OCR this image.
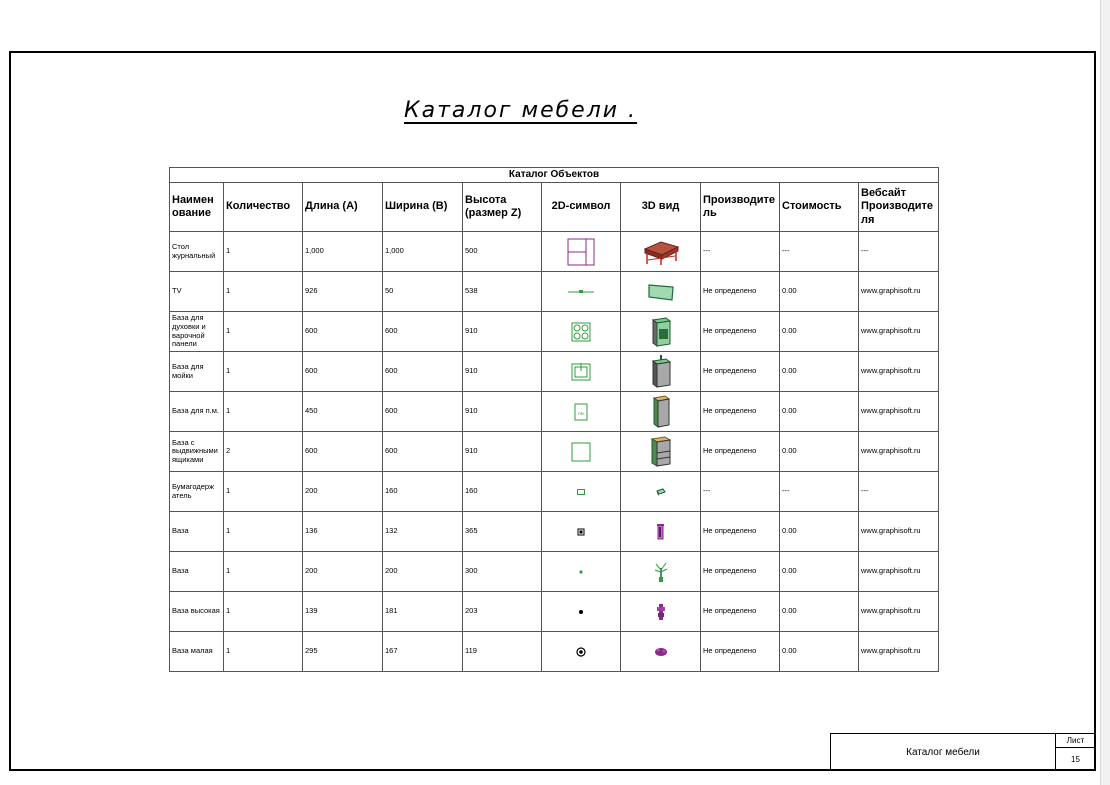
Каталог мебели .
Каталог Объектов									
Наимен ование	Количество	Длина (A)	Ширина (B)	Высота (размер Z)	2D-символ	3D вид	Производите ль	Стоимость	Вебсайт Производите ля
Стол журнальный	1	1,000	1,000	500			---	---	---
TV	1	926	50	538			Не определено	0.00	www.graphisoft.ru
База для духовки и варочной панели	1	600	600	910			Не определено	0.00	www.graphisoft.ru
База для мойки	1	600	600	910			Не определено	0.00	www.graphisoft.ru
База для п.м.	1	450	600	910	пм		Не определено	0.00	www.graphisoft.ru
База с выдвижными ящиками	2	600	600	910			Не определено	0.00	www.graphisoft.ru
Бумагодерж атель	1	200	160	160			---	---	---
Ваза	1	136	132	365			Не определено	0.00	www.graphisoft.ru
Ваза	1	200	200	300			Не определено	0.00	www.graphisoft.ru
Ваза высокая	1	139	181	203			Не определено	0.00	www.graphisoft.ru
Ваза малая	1	295	167	119			Не определено	0.00	www.graphisoft.ru
Каталог мебели
Лист
15
